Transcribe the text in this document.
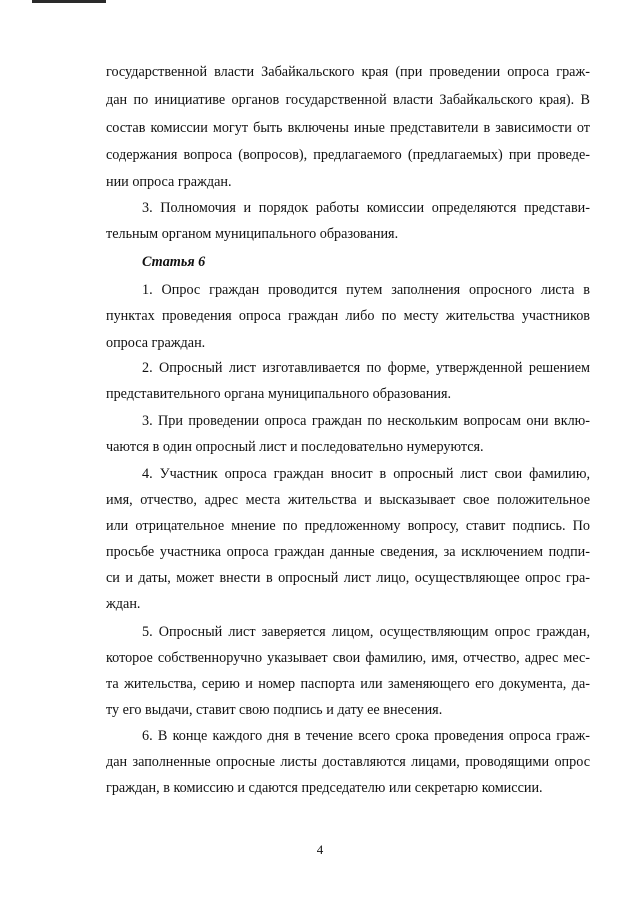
государственной власти Забайкальского края (при проведении опроса граж-
дан по инициативе органов государственной власти Забайкальского края). В
состав комиссии могут быть включены иные представители в зависимости от
содержания вопроса (вопросов), предлагаемого (предлагаемых) при проведе-
нии опроса граждан.
3. Полномочия и порядок работы комиссии определяются представи-
тельным органом муниципального образования.
Статья 6
1. Опрос граждан проводится путем заполнения опросного листа в
пунктах проведения опроса граждан либо по месту жительства участников
опроса граждан.
2. Опросный лист изготавливается по форме, утвержденной решением
представительного органа муниципального образования.
3. При проведении опроса граждан по нескольким вопросам они вклю-
чаются в один опросный лист и последовательно нумеруются.
4. Участник опроса граждан вносит в опросный лист свои фамилию,
имя, отчество, адрес места жительства и высказывает свое положительное
или отрицательное мнение по предложенному вопросу, ставит подпись. По
просьбе участника опроса граждан данные сведения, за исключением подпи-
си и даты, может внести в опросный лист лицо, осуществляющее опрос гра-
ждан.
5. Опросный лист заверяется лицом, осуществляющим опрос граждан,
которое собственноручно указывает свои фамилию, имя, отчество, адрес мес-
та жительства, серию и номер паспорта или заменяющего его документа, да-
ту его выдачи, ставит свою подпись и дату ее внесения.
6. В конце каждого дня в течение всего срока проведения опроса граж-
дан заполненные опросные листы доставляются лицами, проводящими опрос
граждан, в комиссию и сдаются председателю или секретарю комиссии.
4
